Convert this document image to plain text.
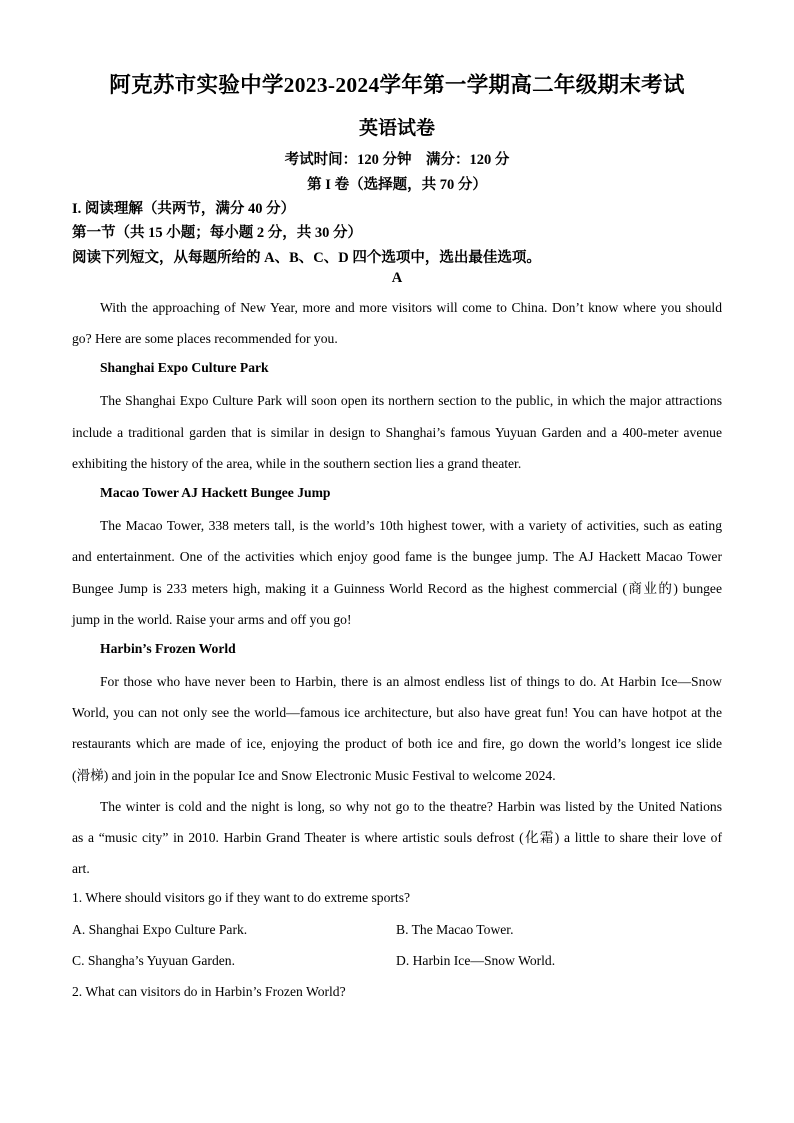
阿克苏市实验中学2023-2024学年第一学期高二年级期末考试
英语试卷
考试时间：120 分钟　满分：120 分
第 I 卷（选择题，共 70 分）
I. 阅读理解（共两节，满分 40 分）
第一节（共 15 小题；每小题 2 分，共 30 分）
阅读下列短文，从每题所给的 A、B、C、D 四个选项中，选出最佳选项。
A
With the approaching of New Year, more and more visitors will come to China. Don’t know where you should
go? Here are some places recommended for you.
Shanghai Expo Culture Park
The Shanghai Expo Culture Park will soon open its northern section to the public, in which the major attractions
include a traditional garden that is similar in design to Shanghai’s famous Yuyuan Garden and a 400-meter avenue
exhibiting the history of the area, while in the southern section lies a grand theater.
Macao Tower AJ Hackett Bungee Jump
The Macao Tower, 338 meters tall, is the world’s 10th highest tower, with a variety of activities, such as eating
and entertainment. One of the activities which enjoy good fame is the bungee jump. The AJ Hackett Macao Tower
Bungee Jump is 233 meters high, making it a Guinness World Record as the highest commercial (商业的) bungee
jump in the world. Raise your arms and off you go!
Harbin’s Frozen World
For those who have never been to Harbin, there is an almost endless list of things to do. At Harbin Ice—Snow
World, you can not only see the world—famous ice architecture, but also have great fun! You can have hotpot at the
restaurants which are made of ice, enjoying the product of both ice and fire, go down the world’s longest ice slide
(滑梯) and join in the popular Ice and Snow Electronic Music Festival to welcome 2024.
The winter is cold and the night is long, so why not go to the theatre? Harbin was listed by the United Nations
as a “music city” in 2010. Harbin Grand Theater is where artistic souls defrost (化霜) a little to share their love of
art.
1. Where should visitors go if they want to do extreme sports?
A. Shanghai Expo Culture Park.	B. The Macao Tower.
C. Shangha’s Yuyuan Garden.	D. Harbin Ice—Snow World.
2. What can visitors do in Harbin’s Frozen World?
